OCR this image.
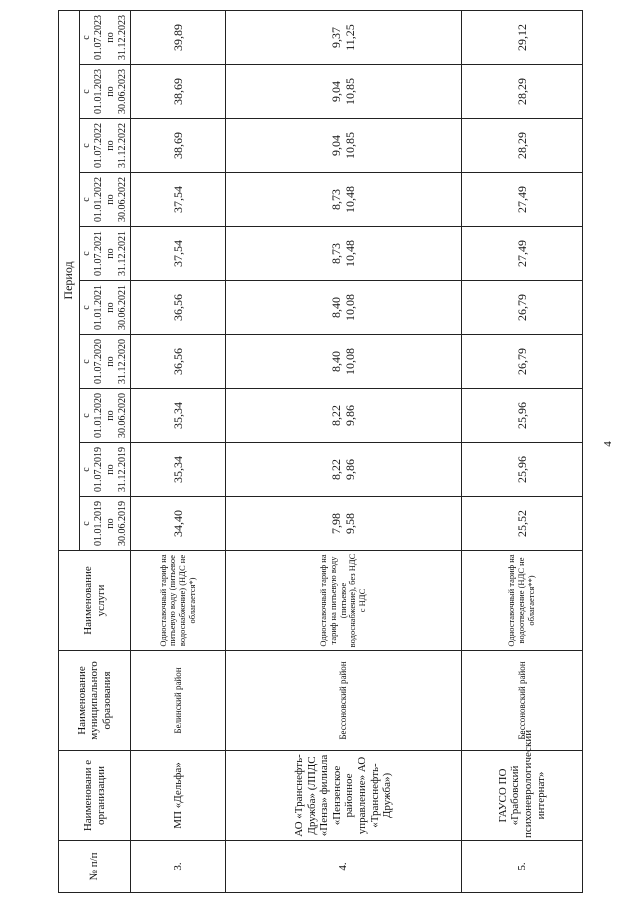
№ п/п	Наименовани е организации	Наименование муниципального образования	Наименование услуги	Период									

				с 01.01.2019 по 30.06.2019	с 01.07.2019 по 31.12.2019	с 01.01.2020 по 30.06.2020	с 01.07.2020 по 31.12.2020	с 01.01.2021 по 30.06.2021	с 01.07.2021 по 31.12.2021	с 01.01.2022 по 30.06.2022	с 01.07.2022 по 31.12.2022	с 01.01.2023 по 30.06.2023	с 01.07.2023 по 31.12.2023

3.	МП «Дельфа»	Белинский район	Одноставочный тариф на питьевую воду (питьевое водоснабжение) (НДС не облагается*)	34,40	35,34	35,34	36,56	36,56	37,54	37,54	38,69	38,69	39,89

4.	АО «Транснефть-Дружба» (ЛПДС «Пенза» филиала «Пензенское районное управление» АО «Транснефть-Дружба»)	Бессоновский район	Одноставочный тариф на тариф на питьевую воду (питьевое водоснабжение), без НДС с НДС	7,98 9,58	8,22 9,86	8,22 9,86	8,40 10,08	8,40 10,08	8,73 10,48	8,73 10,48	9,04 10,85	9,04 10,85	9,37 11,25

5.	ГАУСО ПО «Грабовский психоневрологический интернат»	Бессоновский район	Одноставочный тариф на водоотведение (НДС не облагается**)	25,52	25,96	25,96	26,79	26,79	27,49	27,49	28,29	28,29	29,12
4
